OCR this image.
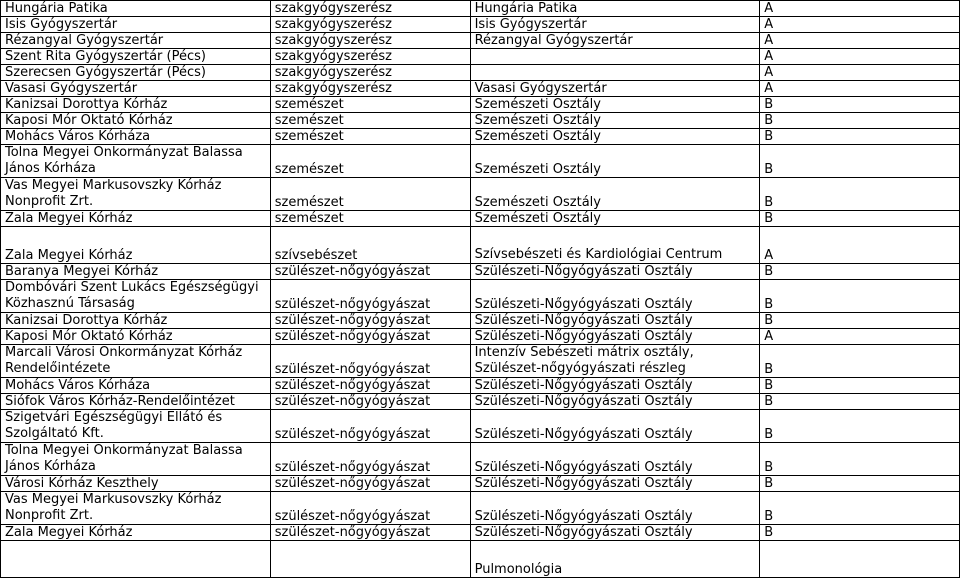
Hungária Patika	szakgyógyszerész	Hungária Patika	A
Isis Gyógyszertár	szakgyógyszerész	Isis Gyógyszertár	A
Rézangyal Gyógyszertár	szakgyógyszerész	Rézangyal Gyógyszertár	A
Szent Rita Gyógyszertár (Pécs)	szakgyógyszerész		A
Szerecsen Gyógyszertár (Pécs)	szakgyógyszerész		A
Vasasi Gyógyszertár	szakgyógyszerész	Vasasi Gyógyszertár	A
Kanizsai Dorottya Kórház	szemészet	Szemészeti Osztály	B
Kaposi Mór Oktató Kórház	szemészet	Szemészeti Osztály	B
Mohács Város Kórháza	szemészet	Szemészeti Osztály	B
Tolna Megyei Önkormányzat Balassa János Kórháza	szemészet	Szemészeti Osztály	B
Vas Megyei Markusovszky Kórház Nonprofit Zrt.	szemészet	Szemészeti Osztály	B
Zala Megyei Kórház	szemészet	Szemészeti Osztály	B
Zala Megyei Kórház	szívsebészet	Szívsebészeti és Kardiológiai Centrum	A
Baranya Megyei Kórház	szülészet-nőgyógyászat	Szülészeti-Nőgyógyászati Osztály	B
Dombóvári Szent Lukács Egészségügyi Közhasznú Társaság	szülészet-nőgyógyászat	Szülészeti-Nőgyógyászati Osztály	B
Kanizsai Dorottya Kórház	szülészet-nőgyógyászat	Szülészeti-Nőgyógyászati Osztály	B
Kaposi Mór Oktató Kórház	szülészet-nőgyógyászat	Szülészeti-Nőgyógyászati Osztály	A
Marcali Városi Önkormányzat Kórház Rendelőintézete	szülészet-nőgyógyászat	Intenzív Sebészeti mátrix osztály, Szülészet-nőgyógyászati részleg	B
Mohács Város Kórháza	szülészet-nőgyógyászat	Szülészeti-Nőgyógyászati Osztály	B
Siófok Város Kórház-Rendelőintézet	szülészet-nőgyógyászat	Szülészeti-Nőgyógyászati Osztály	B
Szigetvári Egészségügyi Ellátó és Szolgáltató Kft.	szülészet-nőgyógyászat	Szülészeti-Nőgyógyászati Osztály	B
Tolna Megyei Önkormányzat Balassa János Kórháza	szülészet-nőgyógyászat	Szülészeti-Nőgyógyászati Osztály	B
Városi Kórház Keszthely	szülészet-nőgyógyászat	Szülészeti-Nőgyógyászati Osztály	B
Vas Megyei Markusovszky Kórház Nonprofit Zrt.	szülészet-nőgyógyászat	Szülészeti-Nőgyógyászati Osztály	B
Zala Megyei Kórház	szülészet-nőgyógyászat	Szülészeti-Nőgyógyászati Osztály	B
		Pulmonológia	
